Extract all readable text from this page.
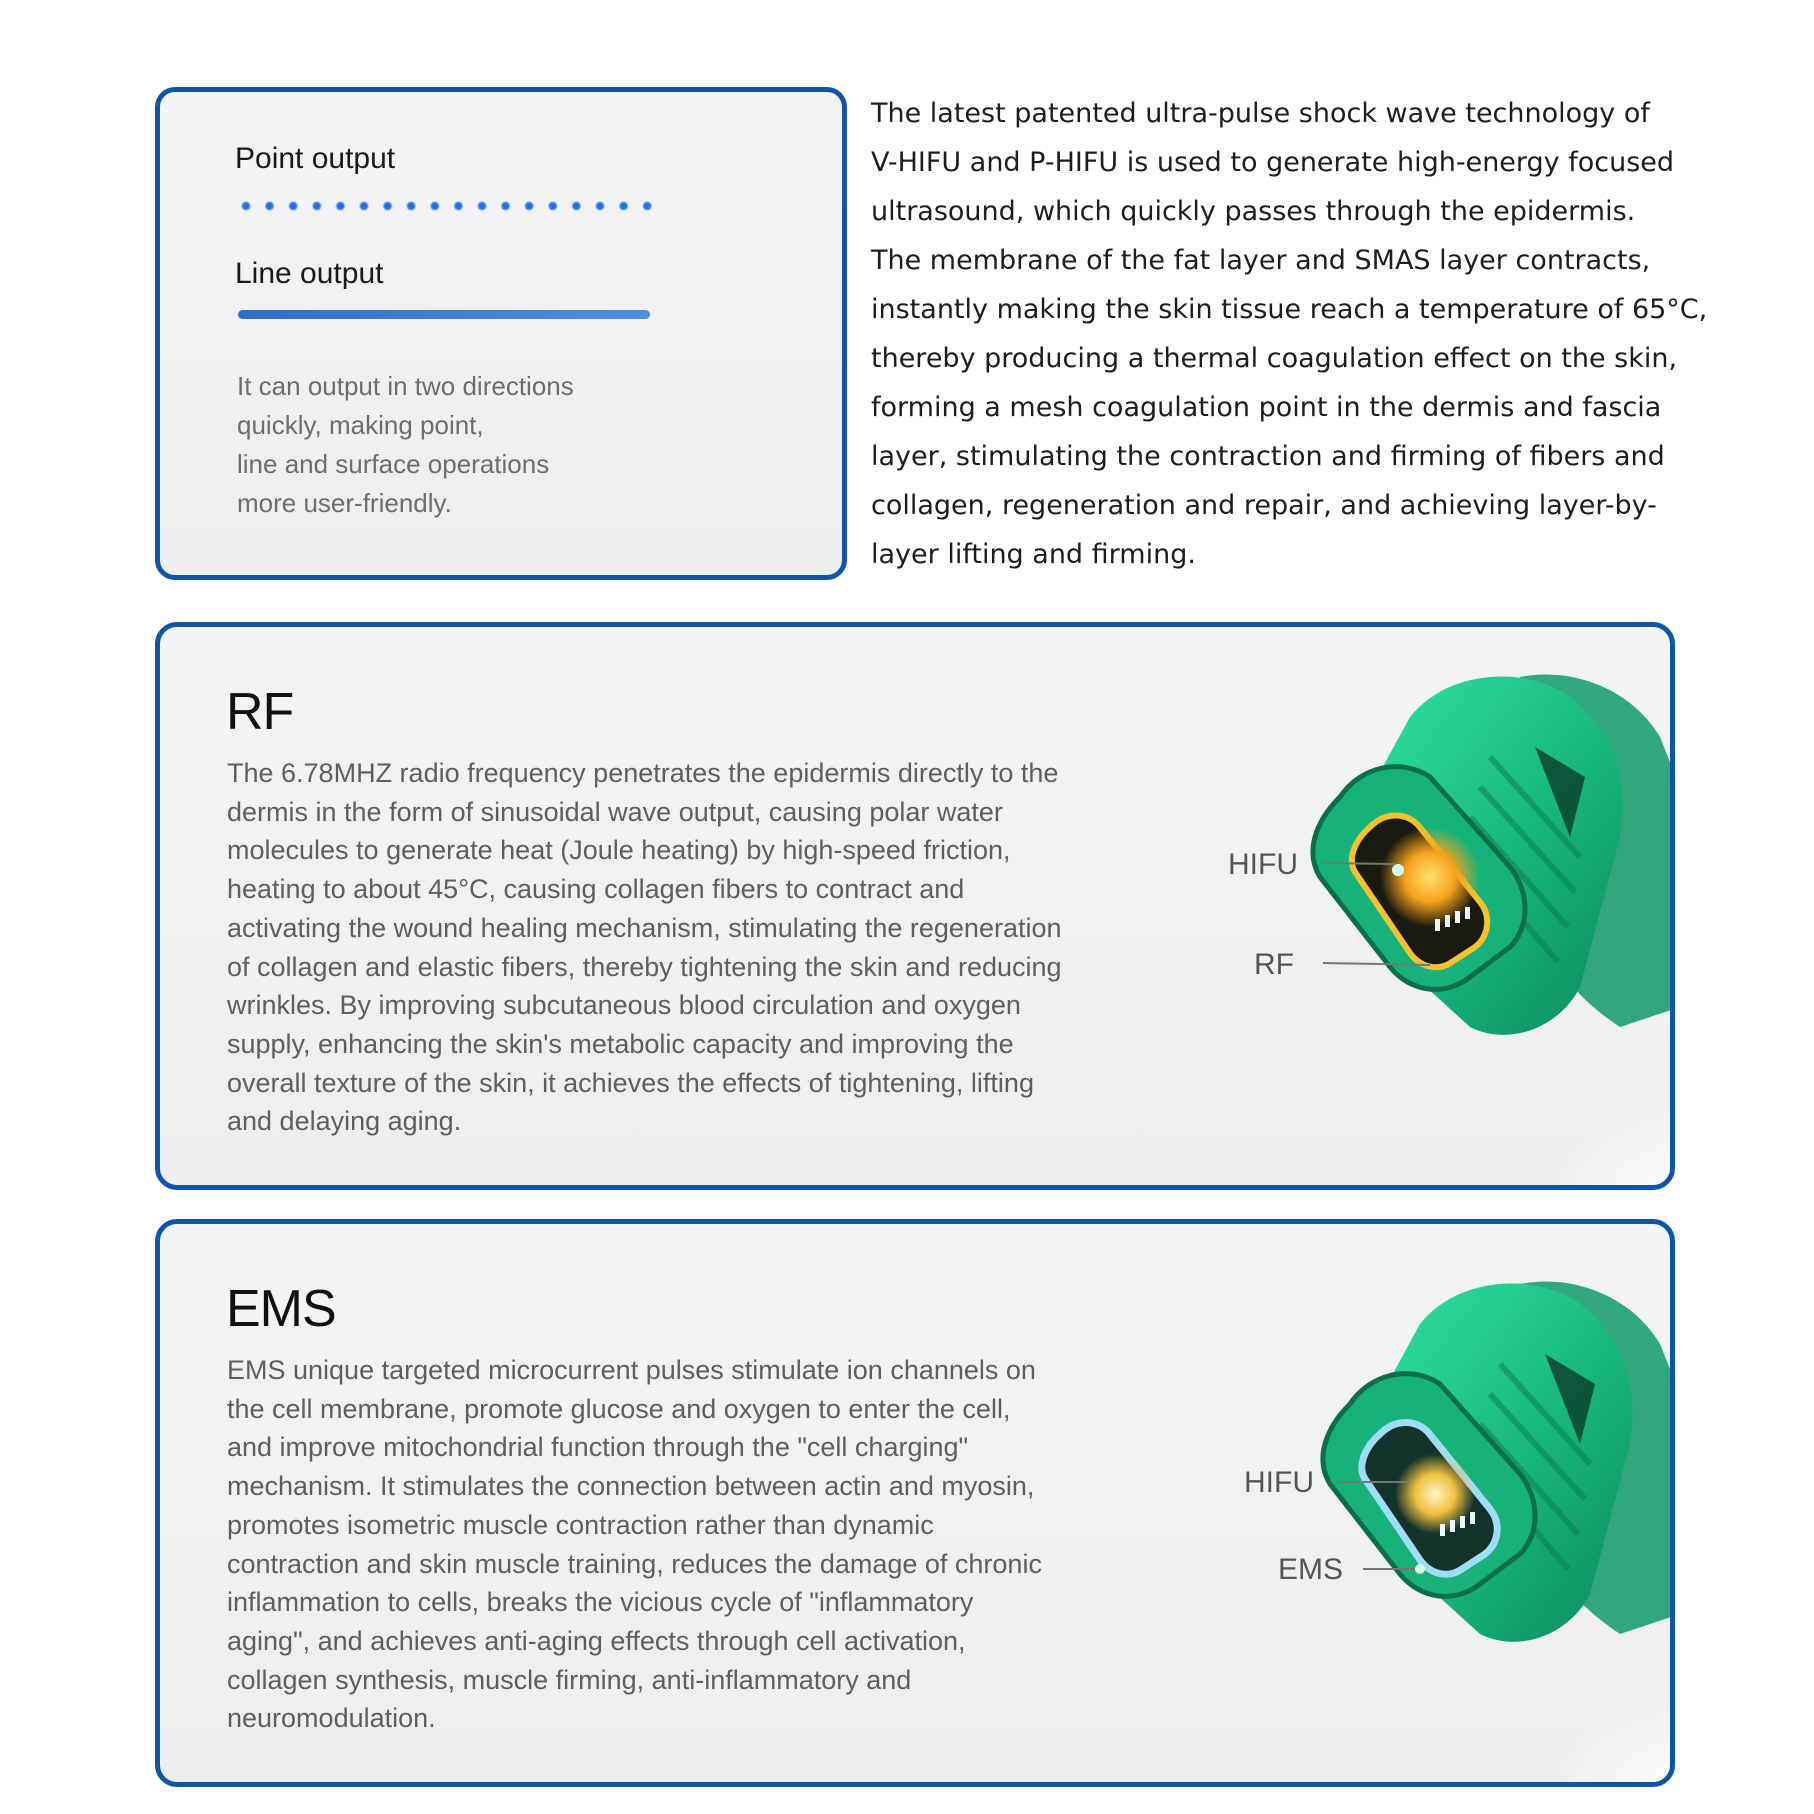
Point output
Line output
It can output in two directions
quickly, making point,
line and surface operations
more user-friendly.
The latest patented ultra-pulse shock wave technology of
V-HIFU and P-HIFU is used to generate high-energy focused
ultrasound, which quickly passes through the epidermis.
The membrane of the fat layer and SMAS layer contracts,
instantly making the skin tissue reach a temperature of 65°C,
thereby producing a thermal coagulation effect on the skin,
forming a mesh coagulation point in the dermis and fascia
layer, stimulating the contraction and firming of fibers and
collagen, regeneration and repair, and achieving layer-by-
layer lifting and firming.
RF
The 6.78MHZ radio frequency penetrates the epidermis directly to the
dermis in the form of sinusoidal wave output, causing polar water
molecules to generate heat (Joule heating) by high-speed friction,
heating to about 45°C, causing collagen fibers to contract and
activating the wound healing mechanism, stimulating the regeneration
of collagen and elastic fibers, thereby tightening the skin and reducing
wrinkles. By improving subcutaneous blood circulation and oxygen
supply, enhancing the skin's metabolic capacity and improving the
overall texture of the skin, it achieves the effects of tightening, lifting
and delaying aging.
HIFU
RF
EMS
EMS unique targeted microcurrent pulses stimulate ion channels on
the cell membrane, promote glucose and oxygen to enter the cell,
and improve mitochondrial function through the "cell charging"
mechanism. It stimulates the connection between actin and myosin,
promotes isometric muscle contraction rather than dynamic
contraction and skin muscle training, reduces the damage of chronic
inflammation to cells, breaks the vicious cycle of "inflammatory
aging", and achieves anti-aging effects through cell activation,
collagen synthesis, muscle firming, anti-inflammatory and
neuromodulation.
HIFU
EMS
